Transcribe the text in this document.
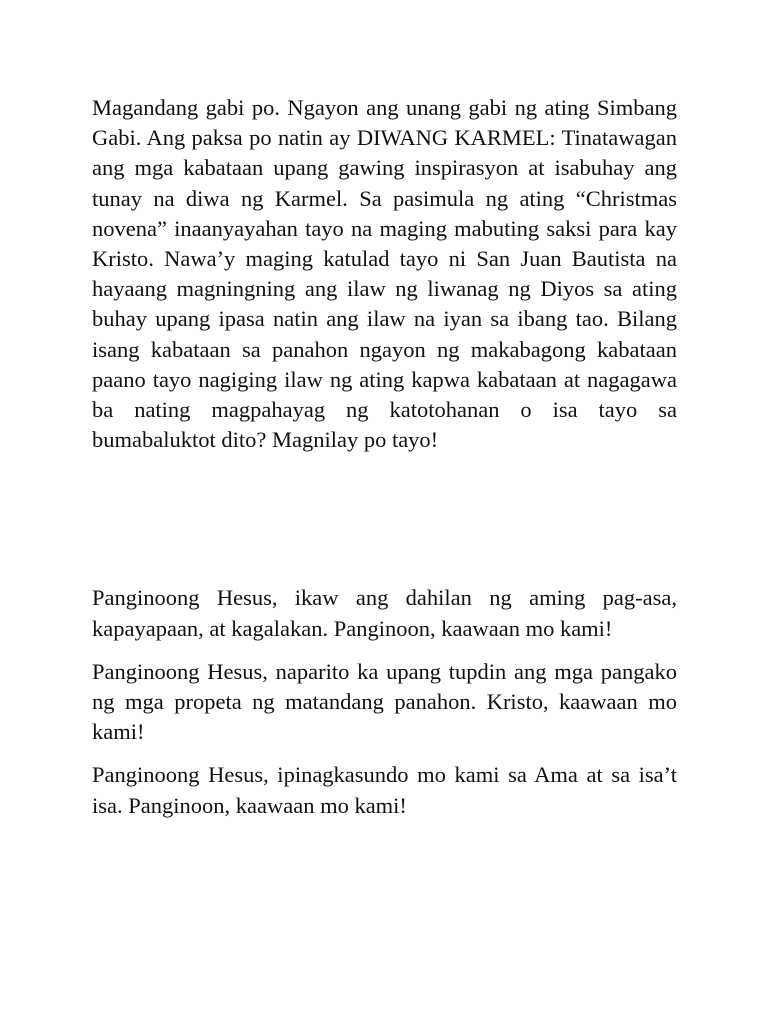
Magandang gabi po. Ngayon ang unang gabi ng ating Simbang Gabi. Ang paksa po natin ay DIWANG KARMEL: Tinatawagan ang mga kabataan upang gawing inspirasyon at isabuhay ang tunay na diwa ng Karmel. Sa pasimula ng ating “Christmas novena” inaanyayahan tayo na maging mabuting saksi para kay Kristo. Nawa’y maging katulad tayo ni San Juan Bautista na hayaang magningning ang ilaw ng liwanag ng Diyos sa ating buhay upang ipasa natin ang ilaw na iyan sa ibang tao. Bilang isang kabataan sa panahon ngayon ng makabagong kabataan paano tayo nagiging ilaw ng ating kapwa kabataan at nagagawa ba nating magpahayag ng katotohanan o isa tayo sa bumabaluktot dito? Magnilay po tayo!

Panginoong Hesus, ikaw ang dahilan ng aming pag-asa, kapayapaan, at kagalakan. Panginoon, kaawaan mo kami!

Panginoong Hesus, naparito ka upang tupdin ang mga pangako ng mga propeta ng matandang panahon. Kristo, kaawaan mo kami!

Panginoong Hesus, ipinagkasundo mo kami sa Ama at sa isa’t isa. Panginoon, kaawaan mo kami!
